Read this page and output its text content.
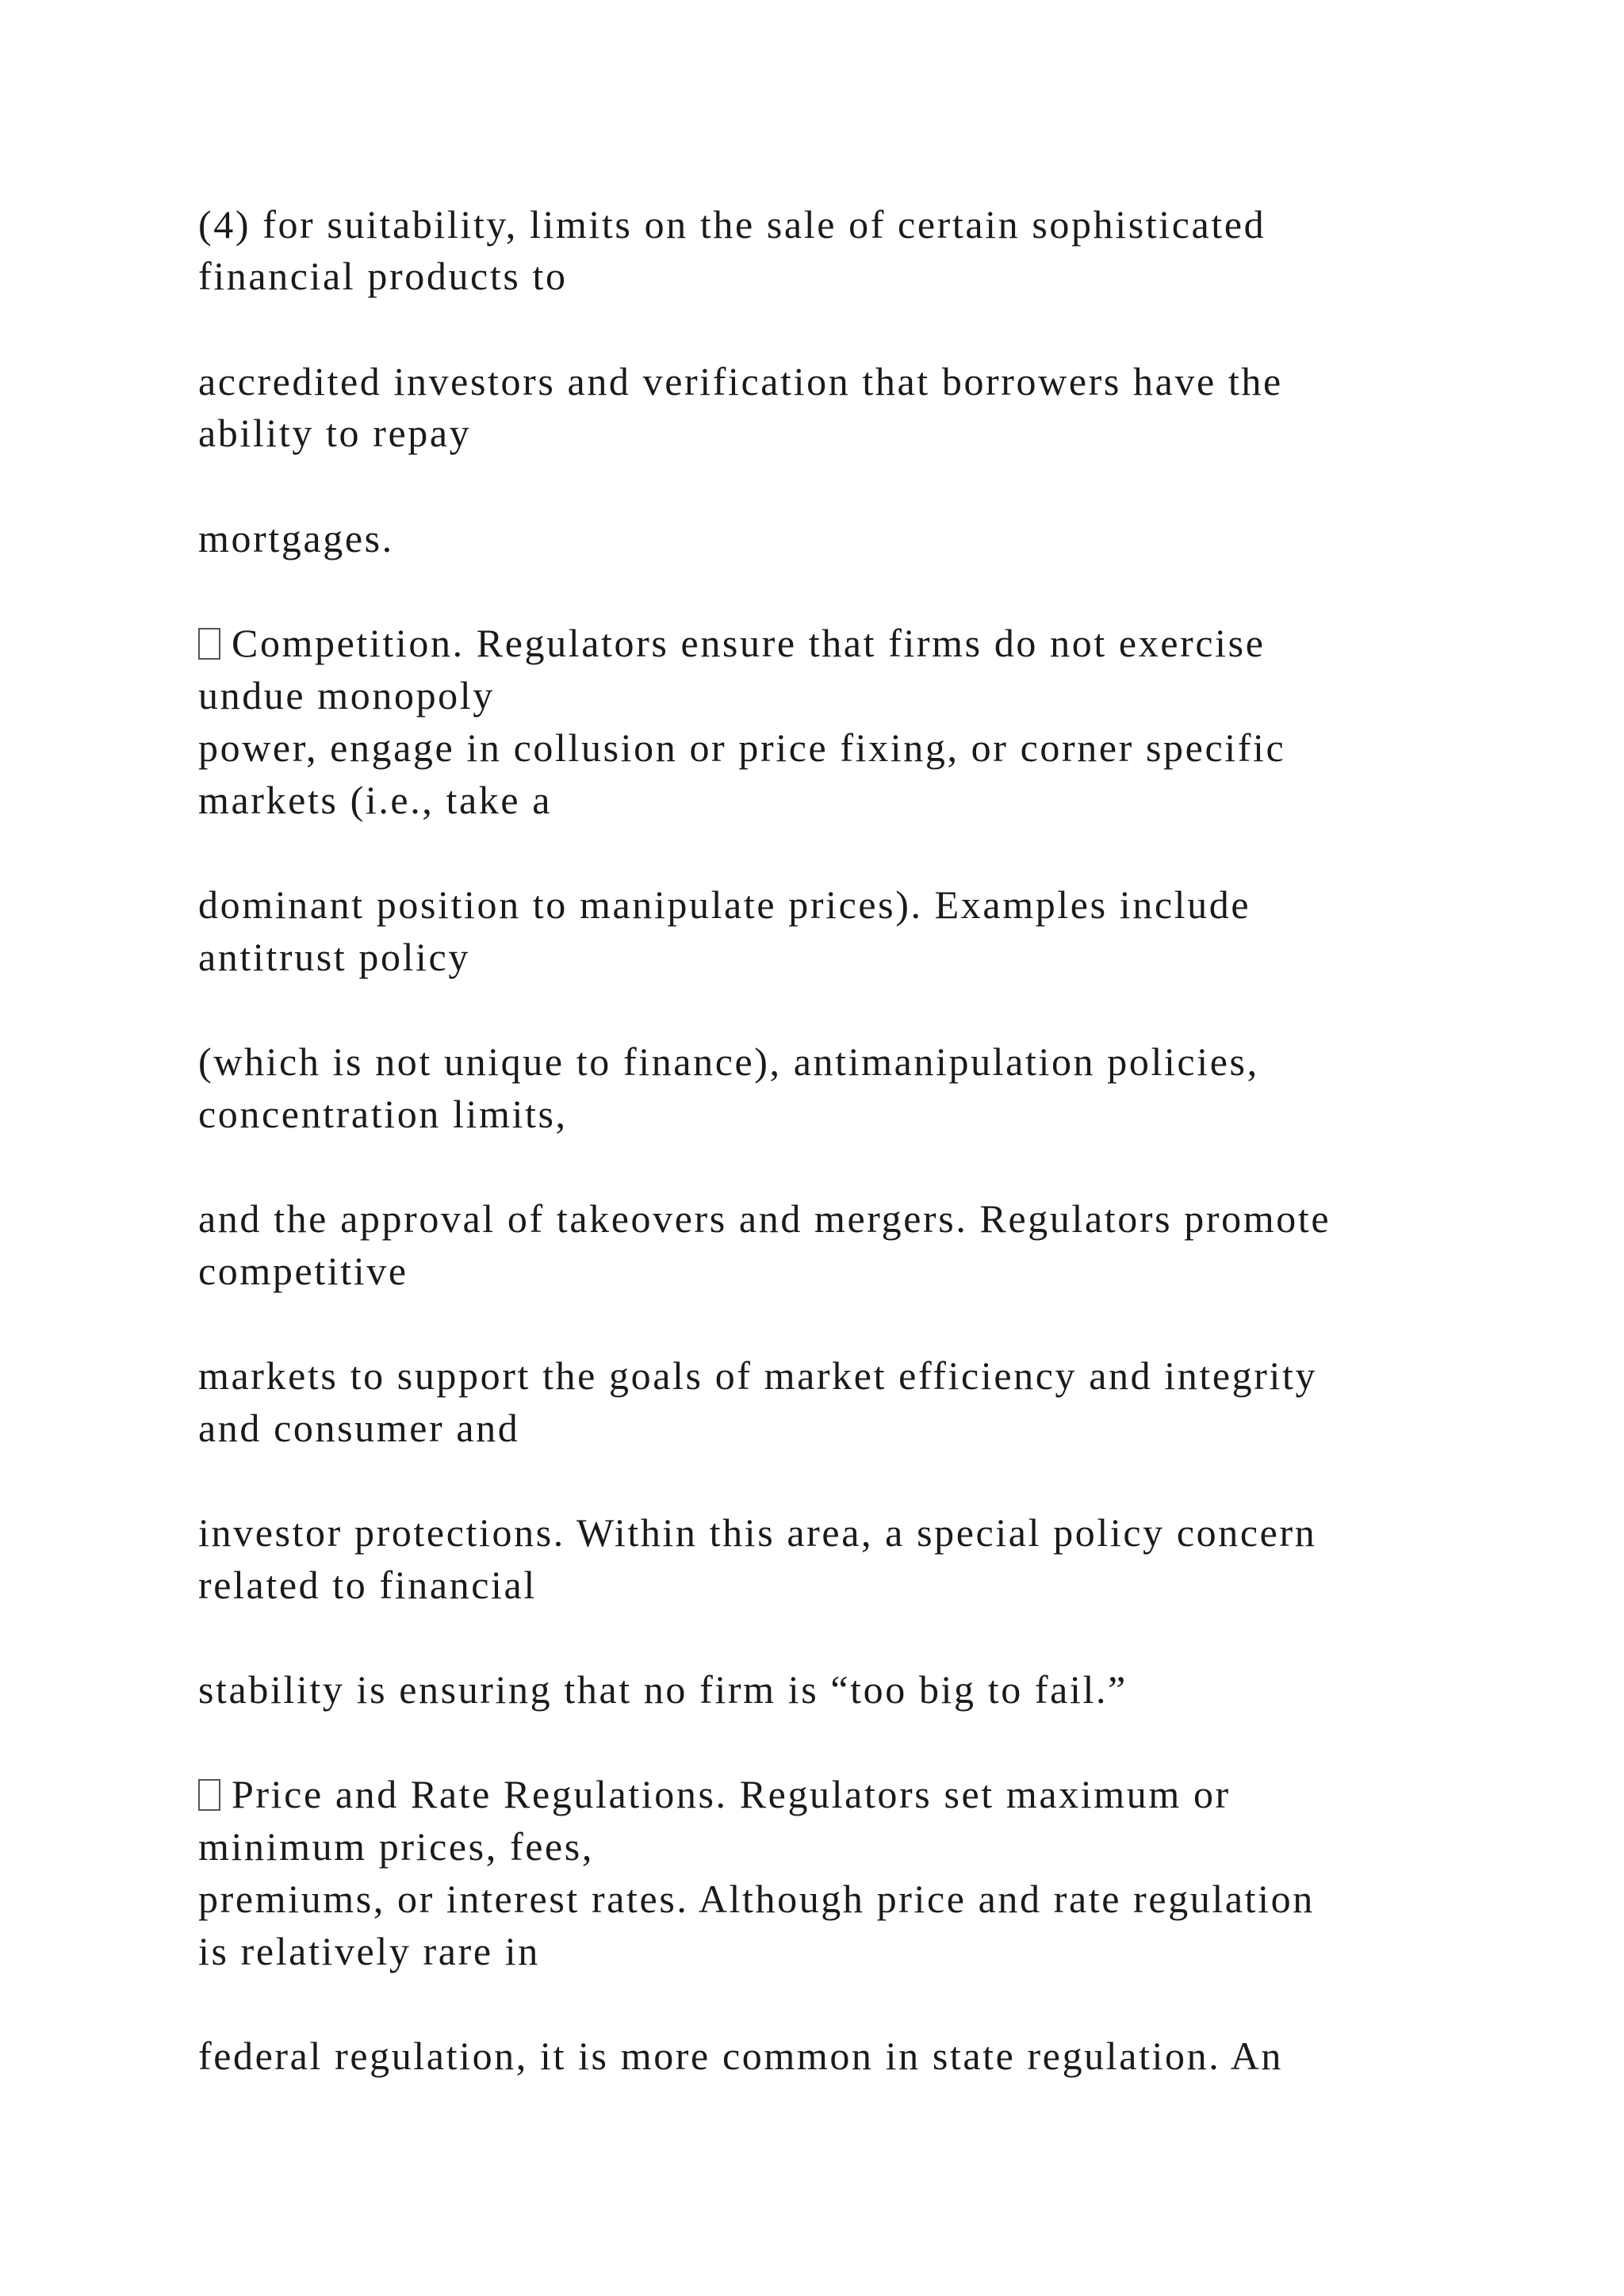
(4) for suitability, limits on the sale of certain sophisticated
financial products to
accredited investors and verification that borrowers have the
ability to repay
mortgages.
Competition. Regulators ensure that firms do not exercise
undue monopoly
power, engage in collusion or price fixing, or corner specific
markets (i.e., take a
dominant position to manipulate prices). Examples include
antitrust policy
(which is not unique to finance), antimanipulation policies,
concentration limits,
and the approval of takeovers and mergers. Regulators promote
competitive
markets to support the goals of market efficiency and integrity
and consumer and
investor protections. Within this area, a special policy concern
related to financial
stability is ensuring that no firm is “too big to fail.”
Price and Rate Regulations. Regulators set maximum or
minimum prices, fees,
premiums, or interest rates. Although price and rate regulation
is relatively rare in
federal regulation, it is more common in state regulation. An
